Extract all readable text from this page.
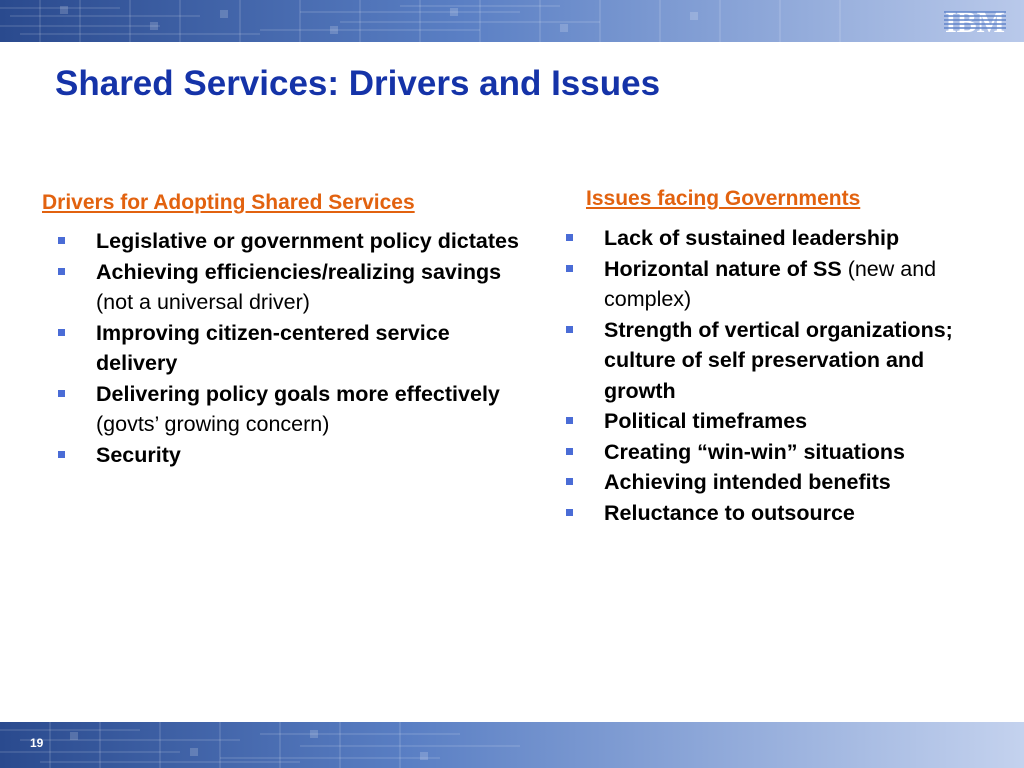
IBM
Shared Services: Drivers and Issues
Drivers for Adopting Shared Services	Issues facing Governments
Legislative or government policy dictates
Achieving efficiencies/realizing savings (not a universal driver)
Improving citizen-centered service delivery
Delivering policy goals more effectively (govts’ growing concern)
Security
Lack of sustained leadership
Horizontal nature of SS (new and complex)
Strength of vertical organizations; culture of self preservation and growth
Political timeframes
Creating “win-win” situations
Achieving intended benefits
Reluctance to outsource
19
